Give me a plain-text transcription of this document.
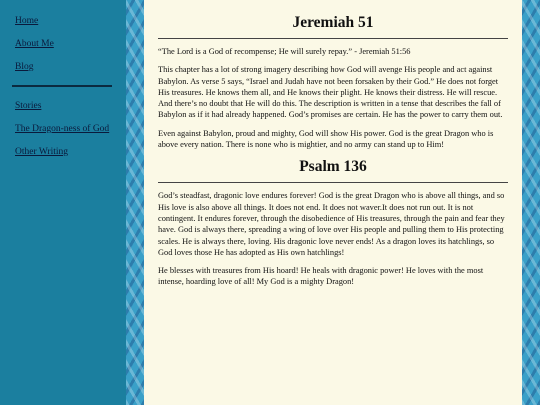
Home
About Me
Blog
Stories
The Dragon-ness of God
Other Writing
Jeremiah 51

“The Lord is a God of recompense; He will surely repay.” - Jeremiah 51:56

This chapter has a lot of strong imagery describing how God will avenge His people and act against Babylon. As verse 5 says, “Israel and Judah have not been forsaken by their God.” He does not forget His treasures. He knows them all, and He knows their plight. He knows their distress. He will rescue. And there’s no doubt that He will do this. The description is written in a tense that describes the fall of Babylon as if it had already happened. God’s promises are certain. He has the power to carry them out.

Even against Babylon, proud and mighty, God will show His power. God is the great Dragon who is above every nation. There is none who is mightier, and no army can stand up to Him!

Psalm 136

God’s steadfast, dragonic love endures forever! God is the great Dragon who is above all things, and so His love is also above all things. It does not end. It does not waver.It does not run out. It is not contingent. It endures forever, through the disobedience of His treasures, through the pain and fear they have. God is always there, spreading a wing of love over His people and pulling them to His protecting scales. He is always there, loving. His dragonic love never ends! As a dragon loves its hatchlings, so God loves those He has adopted as His own hatchlings!

He blesses with treasures from His hoard! He heals with dragonic power! He loves with the most intense, hoarding love of all! My God is a mighty Dragon!
